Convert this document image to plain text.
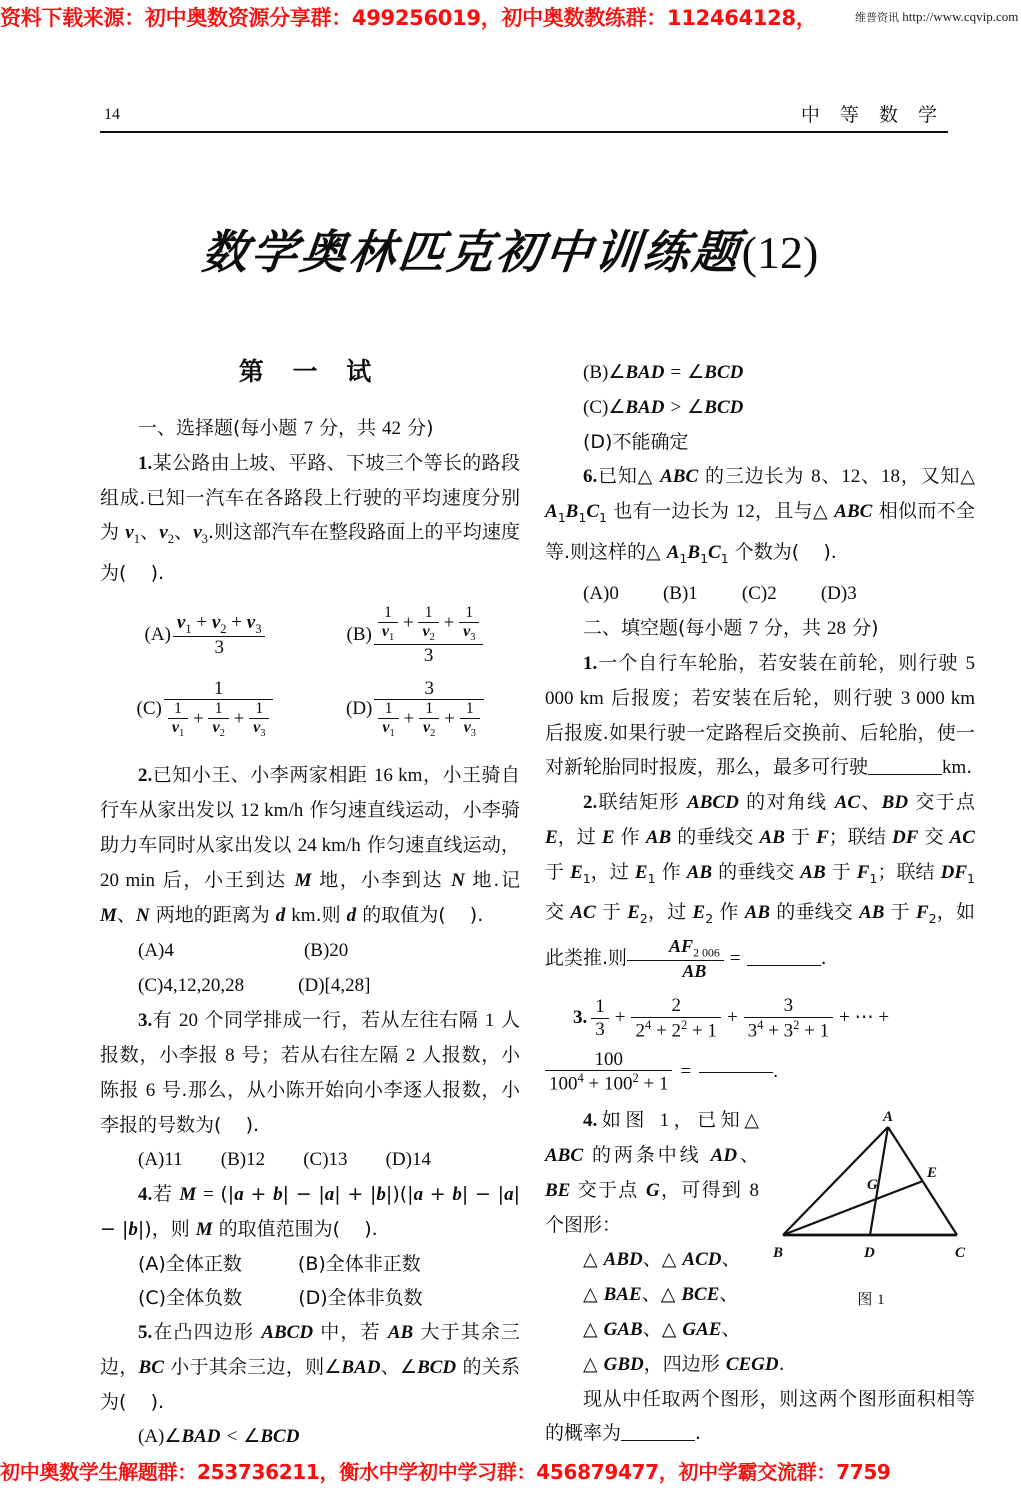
资料下载来源：初中奥数资源分享群：499256019，初中奥数教练群：112464128，	维普资讯 http://www.cqvip.com
14	中 等 数 学
数学奥林匹克初中训练题(12)
第 一 试

一、选择题(每小题 7 分，共 42 分)

1.某公路由上坡、平路、下坡三个等长的路段组成.已知一汽车在各路段上行驶的平均速度分别为 $v_1$、$v_2$、$v_3$.则这部汽车在整段路面上的平均速度为(    ).

$(A) \frac{v_1 + v_2 + v_3}{3}$	$(B) \frac{\frac{1}{v_1} + \frac{1}{v_2} + \frac{1}{v_3}}{3}$
$(C) \frac{1}{\frac{1}{v_1} + \frac{1}{v_2} + \frac{1}{v_3}}$	$(D) \frac{3}{\frac{1}{v_1} + \frac{1}{v_2} + \frac{1}{v_3}}$

2.已知小王、小李两家相距 16 km，小王骑自行车从家出发以 12 km/h 作匀速直线运动，小李骑助力车同时从家出发以 24 km/h 作匀速直线运动，20 min 后，小王到达 M 地，小李到达 N 地.记 M、N 两地的距离为 d km.则 d 的取值为(    ).

(A)4	(B)20

(C)4,12,20,28	(D)[4,28]

3.有 20 个同学排成一行，若从左往右隔 1 人报数，小李报 8 号；若从右往左隔 2 人报数，小陈报 6 号.那么，从小陈开始向小李逐人报数，小李报的号数为(    ).

(A)11 (B)12 (C)13 (D)14

4.若 M = (|a + b| − |a| + |b|)(|a + b| − |a| − |b|)，则 M 的取值范围为(    ).

(A)全体正数	(B)全体非正数

(C)全体负数	(D)全体非负数

5.在凸四边形 ABCD 中，若 AB 大于其余三边，BC 小于其余三边，则∠BAD、∠BCD 的关系为(    ).

(A)∠BAD < ∠BCD

(B)∠BAD = ∠BCD

(C)∠BAD > ∠BCD

(D)不能确定

6.已知△ ABC 的三边长为 8、12、18，又知△ $A_1B_1C_1$ 也有一边长为 12，且与△ ABC 相似而不全等.则这样的△ $A_1B_1C_1$ 个数为(    ).

(A)0 (B)1 (C)2 (D)3

二、填空题(每小题 7 分，共 28 分)

1.一个自行车轮胎，若安装在前轮，则行驶 5 000 km 后报废；若安装在后轮，则行驶 3 000 km 后报废.如果行驶一定路程后交换前、后轮胎，使一对新轮胎同时报废，那么，最多可行驶	km.

2.联结矩形 ABCD 的对角线 AC、BD 交于点 E，过 E 作 AB 的垂线交 AB 于 F；联结 DF 交 AC 于 $E_1$，过 $E_1$ 作 AB 的垂线交 AB 于 $F_1$；联结 $DF_1$ 交 AC 于 $E_2$，过 $E_2$ 作 AB 的垂线交 AB 于 $F_2$，如此类推.则 $\frac{AF_{2 006}}{AB}$ =	.

3. $\frac{1}{3} + \frac{2}{2^4 + 2^2 + 1} + \frac{3}{3^4 + 3^2 + 1}$ + ⋯ +
$\frac{100}{100^4 + 100^2 + 1}$ =	.
A
B	C
D
E
G
图 1

4.如图 1，已知△ ABC 的两条中线 AD、BE 交于点 G，可得到 8 个图形：

△ ABD、△ ACD、

△ BAE、△ BCE、

△ GAB、△ GAE、

△ GBD，四边形 CEGD.

现从中任取两个图形，则这两个图形面积相等的概率为	.

初中奥数学生解题群：253736211，衡水中学初中学习群：456879477，初中学霸交流群：7759
